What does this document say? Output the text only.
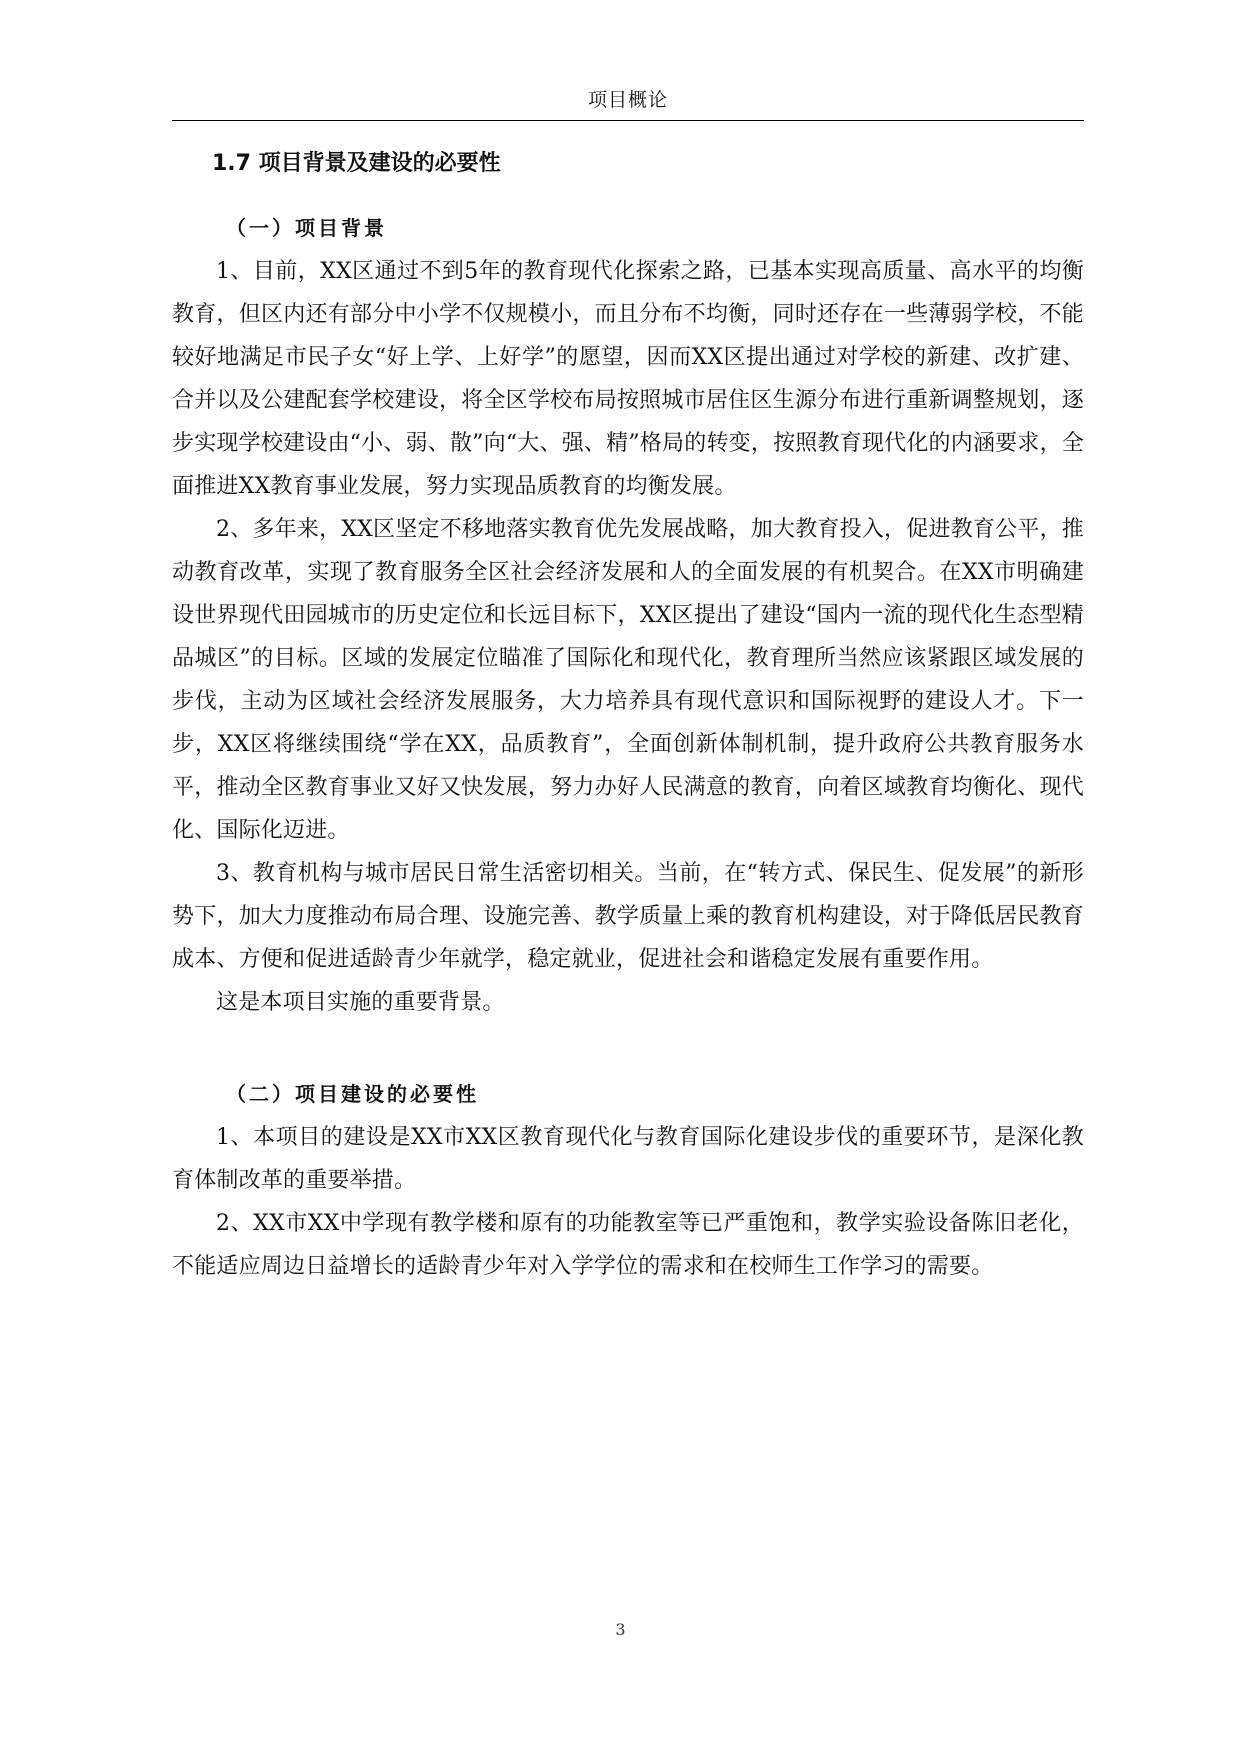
项目概论
1.7 项目背景及建设的必要性
（一）项目背景

1、目前，XX区通过不到5年的教育现代化探索之路，已基本实现高质量、高水平的均衡教育，但区内还有部分中小学不仅规模小，而且分布不均衡，同时还存在一些薄弱学校，不能较好地满足市民子女“好上学、上好学”的愿望，因而XX区提出通过对学校的新建、改扩建、合并以及公建配套学校建设，将全区学校布局按照城市居住区生源分布进行重新调整规划，逐步实现学校建设由“小、弱、散”向“大、强、精”格局的转变，按照教育现代化的内涵要求，全面推进XX教育事业发展，努力实现品质教育的均衡发展。

2、多年来，XX区坚定不移地落实教育优先发展战略，加大教育投入，促进教育公平，推动教育改革，实现了教育服务全区社会经济发展和人的全面发展的有机契合。在XX市明确建设世界现代田园城市的历史定位和长远目标下，XX区提出了建设“国内一流的现代化生态型精品城区”的目标。区域的发展定位瞄准了国际化和现代化，教育理所当然应该紧跟区域发展的步伐，主动为区域社会经济发展服务，大力培养具有现代意识和国际视野的建设人才。下一步，XX区将继续围绕“学在XX，品质教育”，全面创新体制机制，提升政府公共教育服务水平，推动全区教育事业又好又快发展，努力办好人民满意的教育，向着区域教育均衡化、现代化、国际化迈进。

3、教育机构与城市居民日常生活密切相关。当前，在“转方式、保民生、促发展”的新形势下，加大力度推动布局合理、设施完善、教学质量上乘的教育机构建设，对于降低居民教育成本、方便和促进适龄青少年就学，稳定就业，促进社会和谐稳定发展有重要作用。

这是本项目实施的重要背景。

（二）项目建设的必要性

1、本项目的建设是XX市XX区教育现代化与教育国际化建设步伐的重要环节，是深化教育体制改革的重要举措。

2、XX市XX中学现有教学楼和原有的功能教室等已严重饱和，教学实验设备陈旧老化，不能适应周边日益增长的适龄青少年对入学学位的需求和在校师生工作学习的需要。

3
